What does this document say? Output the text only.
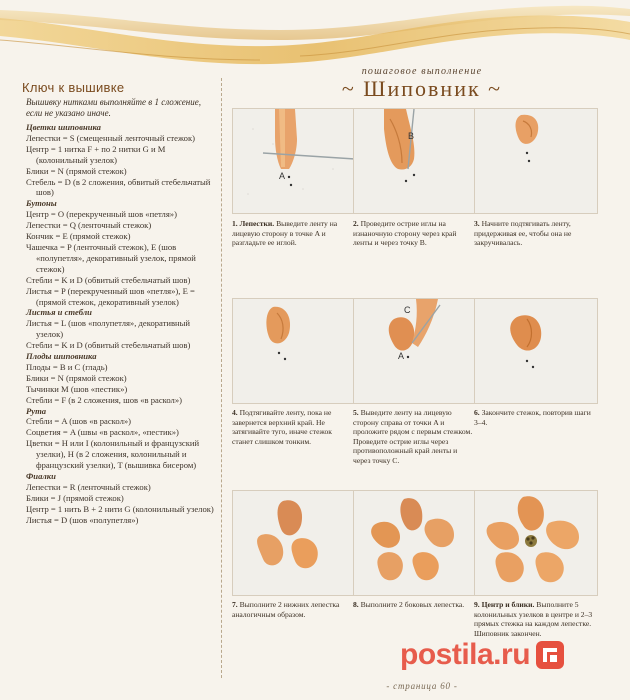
Ключ к вышивке
Вышивку нитками выполняйте в 1 сложение, если не указано иначе.
Цветки шиповника
Лепестки = S (смещенный ленточный стежок)
Центр = 1 нитка F + по 2 нитки G и M (колонильный узелок)
Блики = N (прямой стежок)
Стебель = D (в 2 сложения, обвитый стебельчатый шов)
Бутоны
Центр = O (перекрученный шов «петля»)
Лепестки = Q (ленточный стежок)
Кончик = E (прямой стежок)
Чашечка = P (ленточный стежок), E (шов «полупетля», декоративный узелок, прямой стежок)
Стебли = K и D (обвитый стебельчатый шов)
Листья = P (перекрученный шов «петля»), E = (прямой стежок, декоративный узелок)
Листья и стебли
Листья = L (шов «полупетля», декоративный узелок)
Стебли = K и D (обвитый стебельчатый шов)
Плоды шиповника
Плоды = B и C (гладь)
Блики = N (прямой стежок)
Тычинки M (шов «пестик»)
Стебли = F (в 2 сложения, шов «в раскол»)
Рута
Стебли = A (шов «в раскол»)
Соцветия = A (швы «в раскол», «пестик»)
Цветки = H или I (колонильный и французский узелки), H (в 2 сложения, колонильный и французский узелки), T (вышивка бисером)
Фиалки
Лепестки = R (ленточный стежок)
Блики = J (прямой стежок)
Центр = 1 нить B + 2 нити G (колонильный узелок)
Листья = D (шов «полупетля»)
пошаговое выполнение
~ Шиповник ~
A
B
C
A
1. Лепестки. Выведите ленту на лицевую сторону в точке A и разгладьте ее иглой.
2. Проведите острие иглы на изнаночную сторону через край ленты и через точку B.
3. Начните подтягивать ленту, придерживая ее, чтобы она не закручивалась.
4. Подтягивайте ленту, пока не завернется верхний край. Не затягивайте туго, иначе стежок станет слишком тонким.
5. Выведите ленту на лицевую сторону справа от точки A и проложите рядом с первым стежком. Проведите острие иглы через противоположный край ленты и через точку C.
6. Закончите стежок, повторив шаги 3–4.
7. Выполните 2 нижних лепестка аналогичным образом.
8. Выполните 2 боковых лепестка.	9. Центр и блики. Выполните 5 колонильных узелков в центре и 2–3 прямых стежка на каждом лепестке. Шиповник закончен.
postila.ru
- страница 60 -
